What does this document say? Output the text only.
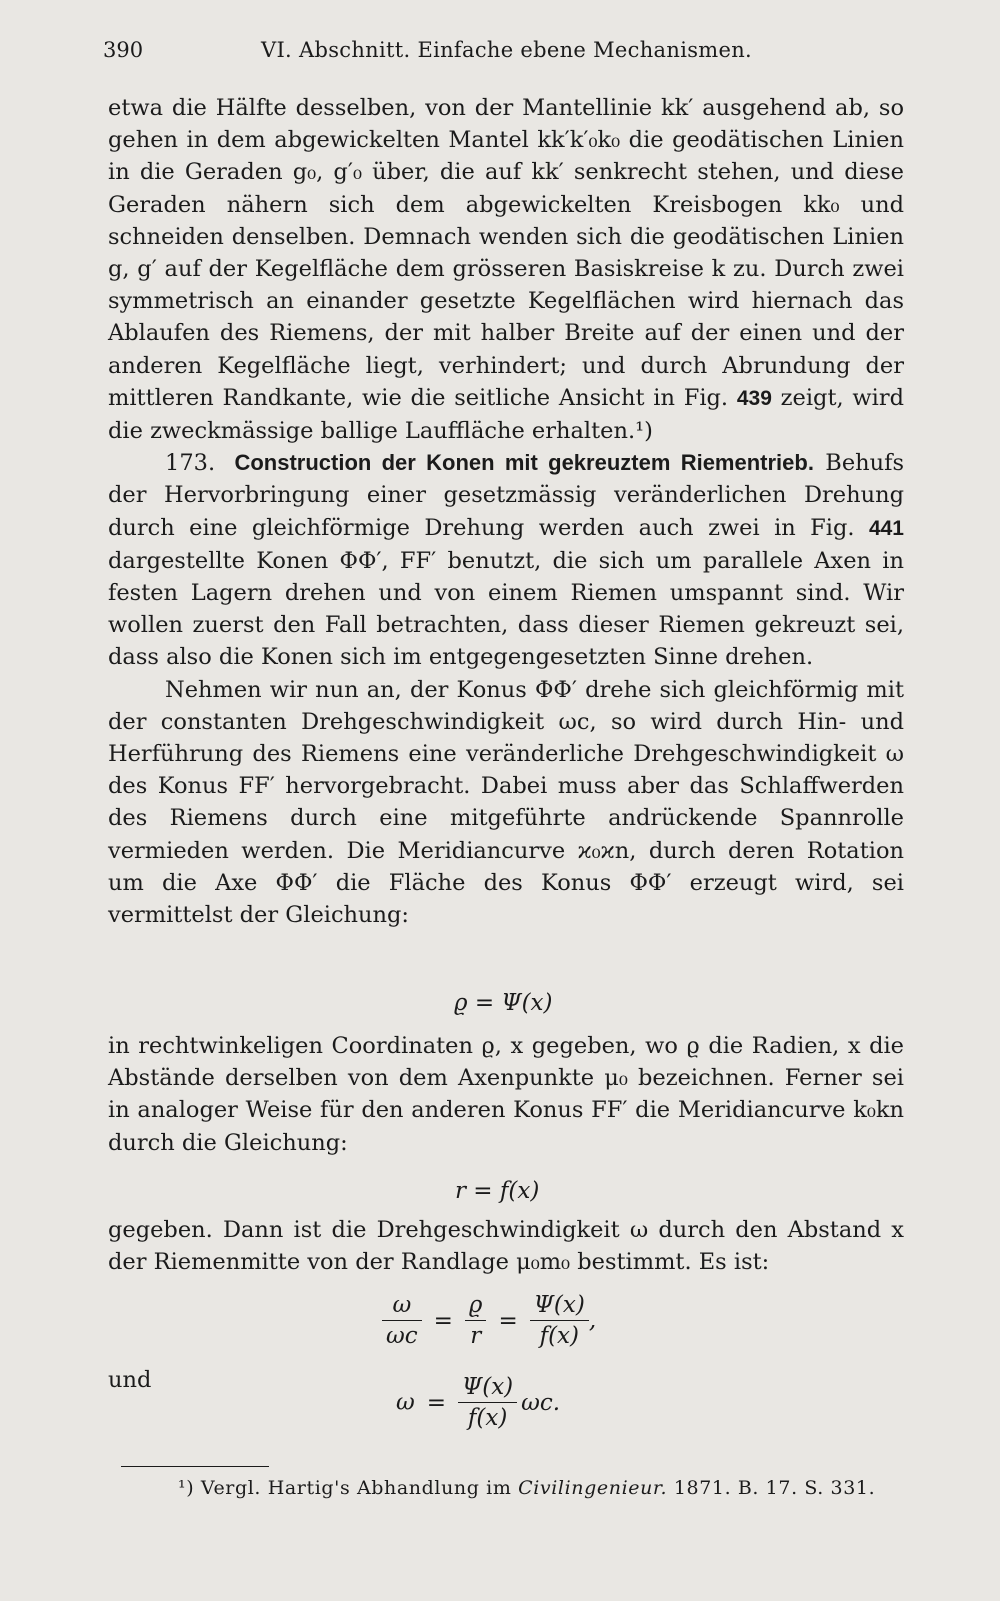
390	VI. Abschnitt. Einfache ebene Mechanismen.

etwa die Hälfte desselben, von der Mantellinie kk′ ausgehend ab, so gehen in dem abgewickelten Mantel kk′k′₀k₀ die geodätischen Linien in die Geraden g₀, g′₀ über, die auf kk′ senkrecht stehen, und diese Geraden nähern sich dem abgewickelten Kreisbogen kk₀ und schneiden denselben. Demnach wenden sich die geodätischen Linien g, g′ auf der Kegelfläche dem grösseren Basiskreise k zu. Durch zwei symmetrisch an einander gesetzte Kegelflächen wird hiernach das Ablaufen des Riemens, der mit halber Breite auf der einen und der anderen Kegelfläche liegt, verhindert; und durch Abrundung der mittleren Randkante, wie die seitliche Ansicht in Fig. 439 zeigt, wird die zweckmässige ballige Lauffläche erhalten.¹)

173. Construction der Konen mit gekreuztem Riementrieb. Behufs der Hervorbringung einer gesetzmässig veränderlichen Drehung durch eine gleichförmige Drehung werden auch zwei in Fig. 441 dargestellte Konen ΦΦ′, FF′ benutzt, die sich um parallele Axen in festen Lagern drehen und von einem Riemen umspannt sind. Wir wollen zuerst den Fall betrachten, dass dieser Riemen gekreuzt sei, dass also die Konen sich im entgegengesetzten Sinne drehen.

Nehmen wir nun an, der Konus ΦΦ′ drehe sich gleichförmig mit der constanten Drehgeschwindigkeit ωc, so wird durch Hin- und Herführung des Riemens eine veränderliche Drehgeschwindigkeit ω des Konus FF′ hervorgebracht. Dabei muss aber das Schlaffwerden des Riemens durch eine mitgeführte andrückende Spannrolle vermieden werden. Die Meridiancurve ϰ₀ϰn, durch deren Rotation um die Axe ΦΦ′ die Fläche des Konus ΦΦ′ erzeugt wird, sei vermittelst der Gleichung:

ϱ = Ψ(x)

in rechtwinkeligen Coordinaten ϱ, x gegeben, wo ϱ die Radien, x die Abstände derselben von dem Axenpunkte μ₀ bezeichnen. Ferner sei in analoger Weise für den anderen Konus FF′ die Meridiancurve k₀kn durch die Gleichung:

r = f(x)

gegeben. Dann ist die Drehgeschwindigkeit ω durch den Abstand x der Riemenmitte von der Randlage μ₀m₀ bestimmt. Es ist:

$\frac{\omega}{\omega c} = \frac{ϱ}{r} = \frac{\Psi(x)}{f(x)}$ ,
und
$\omega = \frac{\Psi(x)}{f(x)} \omega c$.
¹) Vergl. Hartig's Abhandlung im Civilingenieur. 1871. B. 17. S. 331.
